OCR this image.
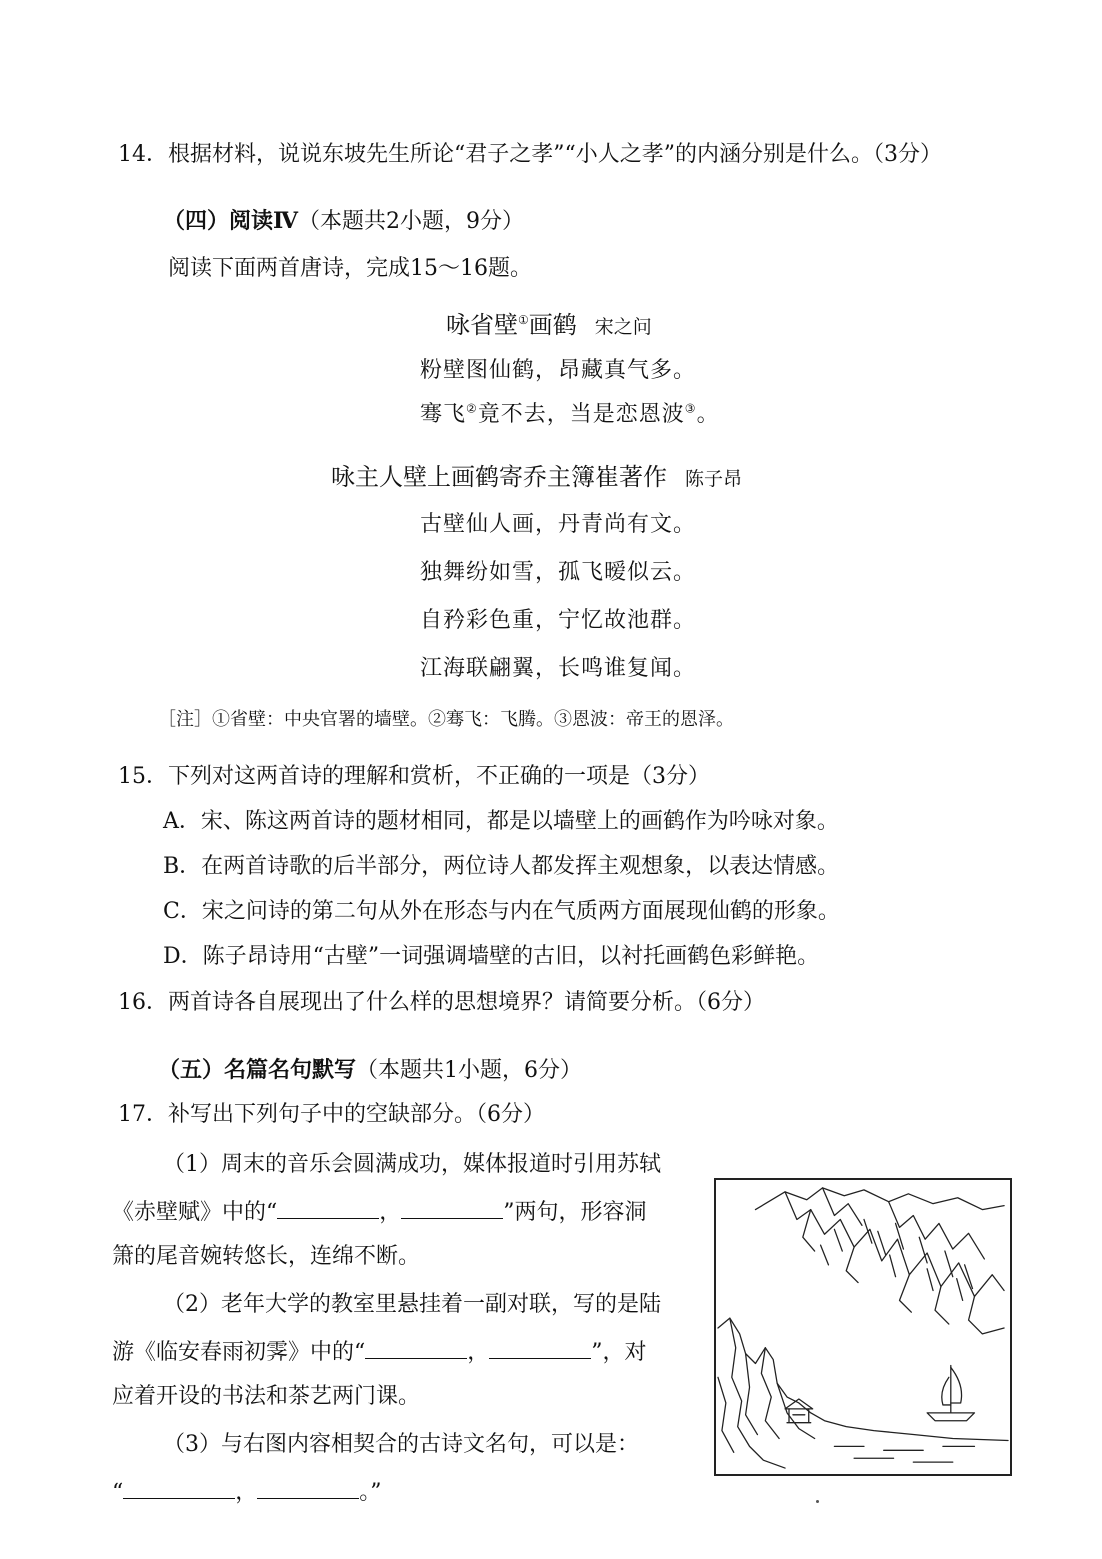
14．根据材料，说说东坡先生所论“君子之孝”“小人之孝”的内涵分别是什么。（3分）
（四）阅读Ⅳ（本题共2小题，9分）
阅读下面两首唐诗，完成15～16题。
咏省壁①画鹤 宋之问
粉壁图仙鹤，昂藏真气多。
骞飞②竟不去，当是恋恩波③。
咏主人壁上画鹤寄乔主簿崔著作 陈子昂
古壁仙人画，丹青尚有文。
独舞纷如雪，孤飞暧似云。
自矜彩色重，宁忆故池群。
江海联翩翼，长鸣谁复闻。
［注］①省壁：中央官署的墙壁。②骞飞：飞腾。③恩波：帝王的恩泽。
15．下列对这两首诗的理解和赏析，不正确的一项是（3分）
A．宋、陈这两首诗的题材相同，都是以墙壁上的画鹤作为吟咏对象。
B．在两首诗歌的后半部分，两位诗人都发挥主观想象，以表达情感。
C．宋之问诗的第二句从外在形态与内在气质两方面展现仙鹤的形象。
D．陈子昂诗用“古壁”一词强调墙壁的古旧，以衬托画鹤色彩鲜艳。
16．两首诗各自展现出了什么样的思想境界？请简要分析。（6分）
（五）名篇名句默写（本题共1小题，6分）
17．补写出下列句子中的空缺部分。（6分）
（1）周末的音乐会圆满成功，媒体报道时引用苏轼
《赤壁赋》中的“	，	”两句，形容洞
箫的尾音婉转悠长，连绵不断。
（2）老年大学的教室里悬挂着一副对联，写的是陆
游《临安春雨初霁》中的“	，	”，对
应着开设的书法和茶艺两门课。
（3）与右图内容相契合的古诗文名句，可以是：
“	，	。”
